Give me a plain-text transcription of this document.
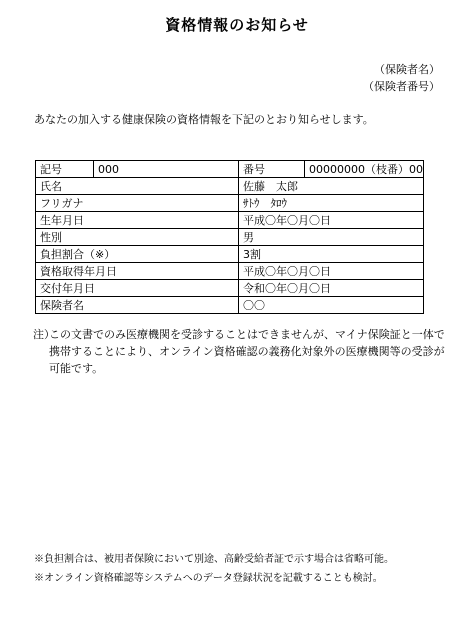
資格情報のお知らせ
（保険者名）
（保険者番号）
あなたの加入する健康保険の資格情報を下記のとおり知らせします。
記号	000	番号	00000000（枝番）00
氏名		佐藤　太郎	
フリガナ		ｻﾄｳ　ﾀﾛｳ	
生年月日		平成〇年〇月〇日	
性別		男	
負担割合（※）		3割	
資格取得年月日		平成〇年〇月〇日	
交付年月日		令和〇年〇月〇日	
保険者名		〇〇	
注）
この文書でのみ医療機関を受診することはできませんが、マイナ保険証と一体で携帯することにより、オンライン資格確認の義務化対象外の医療機関等の受診が可能です。
※負担割合は、被用者保険において別途、高齢受給者証で示す場合は省略可能。
※オンライン資格確認等システムへのデータ登録状況を記載することも検討。
